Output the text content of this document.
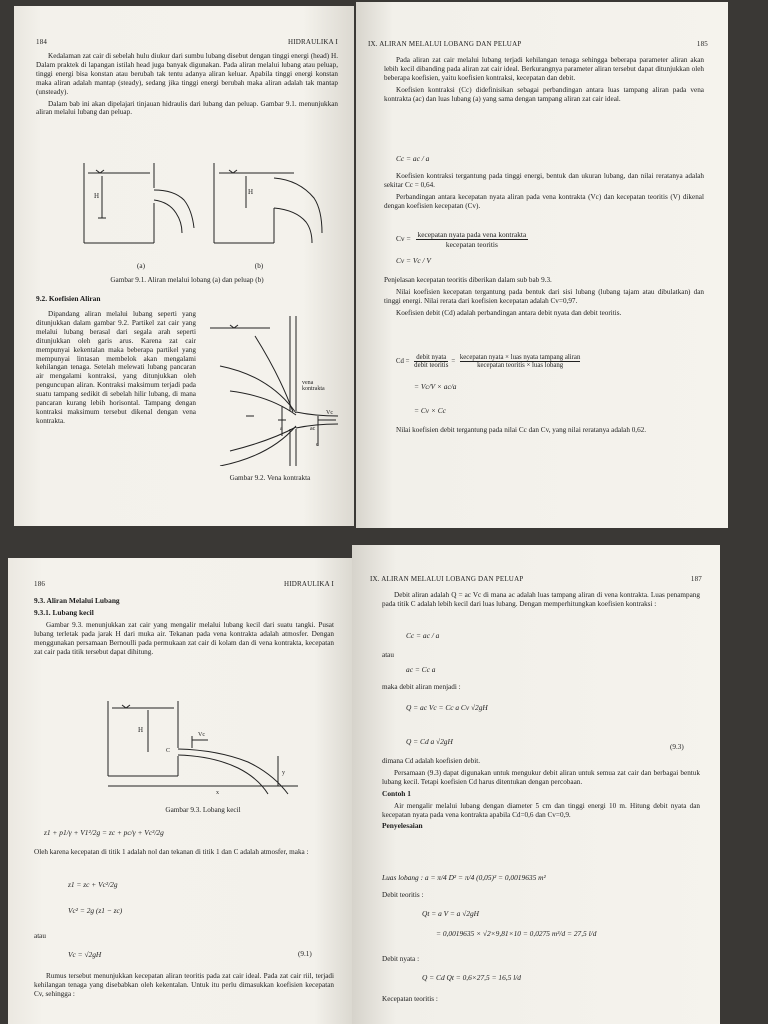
184	HIDRAULIKA I

Kedalaman zat cair di sebelah hulu diukur dari sumbu lubang disebut dengan tinggi energi (head) H. Dalam praktek di lapangan istilah head juga banyak digunakan. Pada aliran melalui lubang atau peluap, tinggi energi bisa konstan atau berubah tak tentu adanya aliran keluar. Apabila tinggi energi konstan maka aliran adalah mantap (steady), sedang jika tinggi energi berubah maka aliran adalah tak mantap (unsteady).

Dalam bab ini akan dipelajari tinjauan hidraulis dari lubang dan peluap. Gambar 9.1. menunjukkan aliran melalui lubang dan peluap.

H	H
(a)	(b)
Gambar 9.1. Aliran melalui lobang (a) dan peluap (b)
9.2. Koefisien Aliran

Dipandang aliran melalui lubang seperti yang ditunjukkan dalam gambar 9.2. Partikel zat cair yang melalui lubang berasal dari segala arah seperti ditunjukkan oleh garis arus. Karena zat cair mempunyai kekentalan maka beberapa partikel yang mempunyai lintasan membelok akan mengalami kehilangan tenaga. Setelah melewati lubang pancaran air mengalami kontraksi, yang ditunjukkan oleh penguncupan aliran. Kontraksi maksimum terjadi pada suatu tampang sedikit di sebelah hilir lubang, di mana pancaran kurang lebih horisontal. Tampang dengan kontraksi maksimum tersebut dikenal dengan vena kontrakta.

vena
kontrakta
Vc
a	ac
c
Gambar 9.2. Vena kontrakta
IX. ALIRAN MELALUI LOBANG DAN PELUAP	185

Pada aliran zat cair melalui lubang terjadi kehilangan tenaga sehingga beberapa parameter aliran akan lebih kecil dibanding pada aliran zat cair ideal. Berkurangnya parameter aliran tersebut dapat ditunjukkan oleh beberapa koefisien, yaitu koefisien kontraksi, kecepatan dan debit.

Koefisien kontraksi (Cc) didefinisikan sebagai perbandingan antara luas tampang aliran pada vena kontrakta (ac) dan luas lubang (a) yang sama dengan tampang aliran zat cair ideal.

Cc = ac / a

Koefisien kontraksi tergantung pada tinggi energi, bentuk dan ukuran lubang, dan nilai reratanya adalah sekitar Cc = 0,64.

Perbandingan antara kecepatan nyata aliran pada vena kontrakta (Vc) dan kecepatan teoritis (V) dikenal dengan koefisien kecepatan (Cv).

Cv = kecepatan nyata pada vena kontrakta
kecepatan teoritis
Cv = Vc / V

Penjelasan kecepatan teoritis diberikan dalam sub bab 9.3.

Nilai koefisien kecepatan tergantung pada bentuk dari sisi lubang (lubang tajam atau dibulatkan) dan tinggi energi. Nilai rerata dari koefisien kecepatan adalah Cv=0,97.

Koefisien debit (Cd) adalah perbandingan antara debit nyata dan debit teoritis.

Cd =
debit nyata
debit teoritis
=
kecepatan nyata × luas nyata tampang aliran
kecepatan teoritis × luas lobang
= Vc/V × ac/a
= Cv × Cc

Nilai koefisien debit tergantung pada nilai Cc dan Cv, yang nilai reratanya adalah 0,62.

186	HIDRAULIKA I
9.3. Aliran Melalui Lubang
9.3.1. Lubang kecil

Gambar 9.3. menunjukkan zat cair yang mengalir melalui lubang kecil dari suatu tangki. Pusat lubang terletak pada jarak H dari muka air. Tekanan pada vena kontrakta adalah atmosfer. Dengan menggunakan persamaan Bernoulli pada permukaan zat cair di kolam dan di vena kontrakta, kecepatan zat cair pada titik tersebut dapat dihitung.

H
Vc
C
x
y
Gambar 9.3. Lobang kecil
z1 + p1/γ + V1²/2g = zc + pc/γ + Vc²/2g

Oleh karena kecepatan di titik 1 adalah nol dan tekanan di titik 1 dan C adalah atmosfer, maka :

z1 = zc + Vc²/2g
Vc² = 2g (z1 − zc)

atau

Vc = √2gH	(9.1)

Rumus tersebut menunjukkan kecepatan aliran teoritis pada zat cair ideal. Pada zat cair riil, terjadi kehilangan tenaga yang disebabkan oleh kekentalan. Untuk itu perlu dimasukkan koefisien kecepatan Cv, sehingga :

IX. ALIRAN MELALUI LOBANG DAN PELUAP	187

Debit aliran adalah Q = ac Vc di mana ac adalah luas tampang aliran di vena kontrakta. Luas penampang pada titik C adalah lebih kecil dari luas lubang. Dengan memperhitungkan koefisien kontraksi :

Cc = ac / a

atau

ac = Cc a

maka debit aliran menjadi :

Q = ac Vc = Cc a Cv √2gH
Q = Cd a √2gH
(9.3)

dimana Cd adalah koefisien debit.

Persamaan (9.3) dapat digunakan untuk mengukur debit aliran untuk semua zat cair dan berbagai bentuk lubang kecil. Tetapi koefisien Cd harus ditentukan dengan percobaan.

Contoh 1

Air mengalir melalui lubang dengan diameter 5 cm dan tinggi energi 10 m. Hitung debit nyata dan kecepatan nyata pada vena kontrakta apabila Cd=0,6 dan Cv=0,9.

Penyelesaian
Luas lobang : a = π/4 D² = π/4 (0,05)² = 0,0019635 m²

Debit teoritis :

Qt = a V = a √2gH
= 0,0019635 × √2×9,81×10 = 0,0275 m³/d = 27,5 l/d

Debit nyata :

Q = Cd Qt = 0,6×27,5 = 16,5 l/d

Kecepatan teoritis :
